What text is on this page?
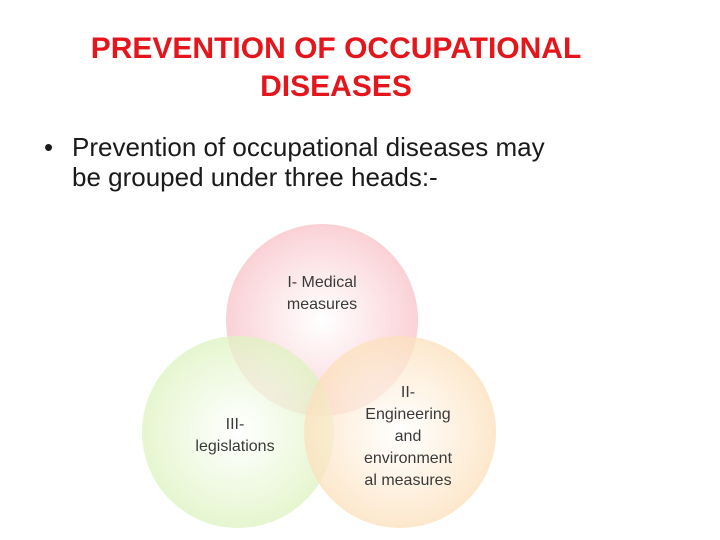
PREVENTION OF OCCUPATIONAL
DISEASES
• Prevention of occupational diseases may
be grouped under three heads:-
I- Medical
measures
III-
legislations
II-
Engineering
and
environment
al measures
